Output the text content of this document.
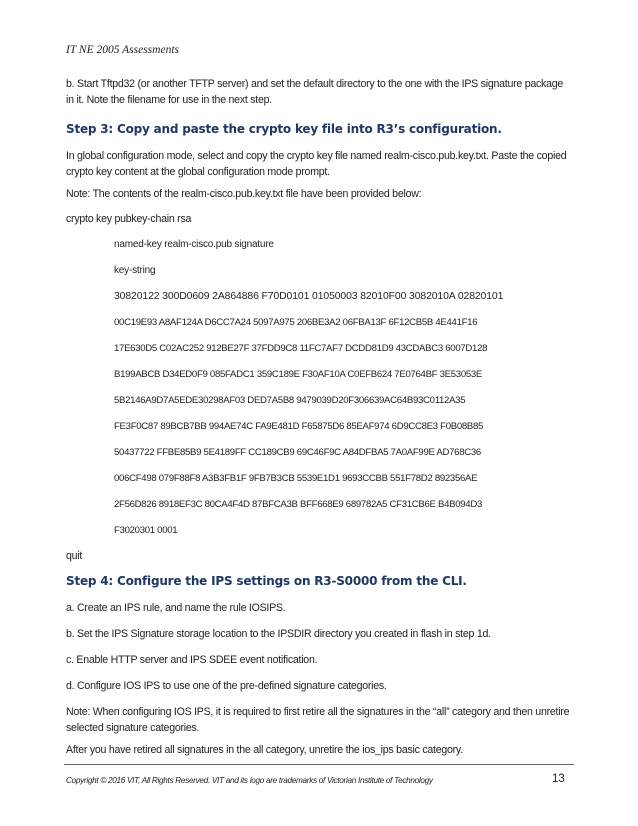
IT NE 2005 Assessments
b. Start Tftpd32 (or another TFTP server) and set the default directory to the one with the IPS signature package in it. Note the filename for use in the next step.
Step 3: Copy and paste the crypto key file into R3’s configuration.
In global configuration mode, select and copy the crypto key file named realm-cisco.pub.key.txt. Paste the copied crypto key content at the global configuration mode prompt.
Note: The contents of the realm-cisco.pub.key.txt file have been provided below:
crypto key pubkey-chain rsa
named-key realm-cisco.pub signature
key-string
30820122 300D0609 2A864886 F70D0101 01050003 82010F00 3082010A 02820101
00C19E93 A8AF124A D6CC7A24 5097A975 206BE3A2 06FBA13F 6F12CB5B 4E441F16
17E630D5 C02AC252 912BE27F 37FDD9C8 11FC7AF7 DCDD81D9 43CDABC3 6007D128
B199ABCB D34ED0F9 085FADC1 359C189E F30AF10A C0EFB624 7E0764BF 3E53053E
5B2146A9D7A5EDE30298AF03 DED7A5B8 9479039D20F306639AC64B93C0112A35
FE3F0C87 89BCB7BB 994AE74C FA9E481D F65875D6 85EAF974 6D9CC8E3 F0B08B85
50437722 FFBE85B9 5E4189FF CC189CB9 69C46F9C A84DFBA5 7A0AF99E AD768C36
006CF498 079F88F8 A3B3FB1F 9FB7B3CB 5539E1D1 9693CCBB 551F78D2 892356AE
2F56D826 8918EF3C 80CA4F4D 87BFCA3B BFF668E9 689782A5 CF31CB6E B4B094D3
F3020301 0001
quit
Step 4: Configure the IPS settings on R3-S0000 from the CLI.
a. Create an IPS rule, and name the rule IOSIPS.
b. Set the IPS Signature storage location to the IPSDIR directory you created in flash in step 1d.
c. Enable HTTP server and IPS SDEE event notification.
d. Configure IOS IPS to use one of the pre-defined signature categories.
Note: When configuring IOS IPS, it is required to first retire all the signatures in the “all” category and then unretire selected signature categories.
After you have retired all signatures in the all category, unretire the ios_ips basic category.
Copyright © 2016 VIT, All Rights Reserved. VIT and its logo are trademarks of Victorian Institute of Technology	13
